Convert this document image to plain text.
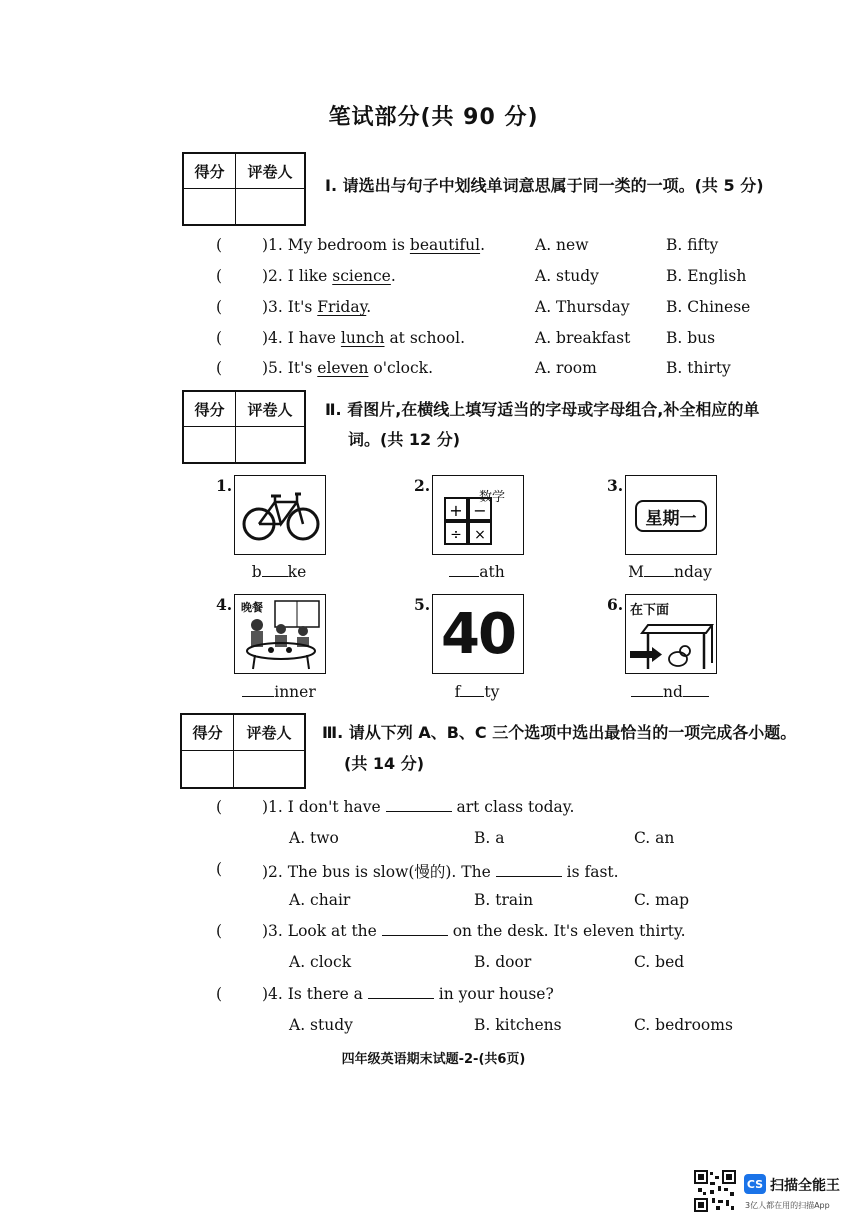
笔试部分(共 90 分)
得分	评卷人
Ⅰ. 请选出与句子中划线单词意思属于同一类的一项。(共 5 分)
(	)1. My bedroom is beautiful.	A. new	B. fifty
(	)2. I like science.	A. study	B. English
(	)3. It's Friday.	A. Thursday B. Chinese
(	)4. I have lunch at school.	A. breakfast B. bus
(	)5. It's eleven o'clock.	A. room	B. thirty
得分	评卷人	Ⅱ. 看图片,在横线上填写适当的字母或字母组合,补全相应的单
词。(共 12 分)
1.
b ke
2.
+ −
÷ ×
数学
ath
3.
星期一
M nday
4. 晚餐
inner
5. 40
f ty
6. 在下面
nd
得分	评卷人	Ⅲ. 请从下列 A、B、C 三个选项中选出最恰当的一项完成各小题。
(共 14 分)
(	)1. I don't have	art class today.
A. two	B. a	C. an
(	)2. The bus is slow(慢的). The	is fast.
A. chair	B. train	C. map
(	)3. Look at the	on the desk. It's eleven thirty.
A. clock	B. door	C. bed
(	)4. Is there a	in your house?
A. study	B. kitchens	C. bedrooms
四年级英语期末试题-2-(共6页)
CS 扫描全能王
3亿人都在用的扫描App
